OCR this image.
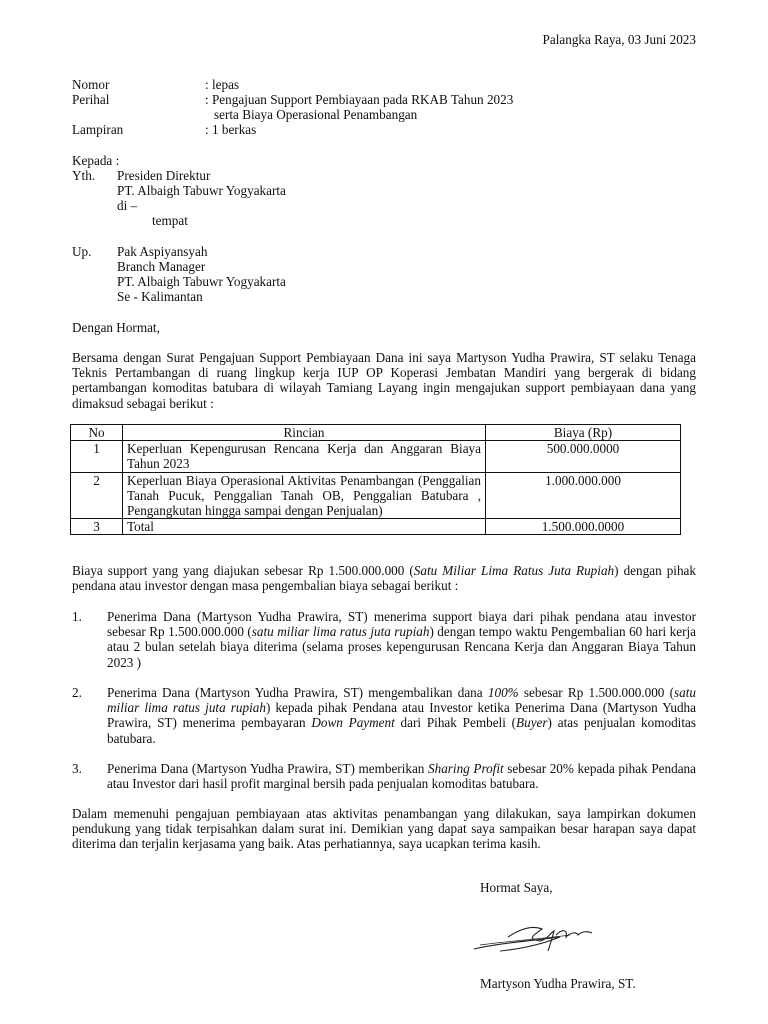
Palangka Raya, 03 Juni 2023
Nomor	: lepas
Perihal	: Pengajuan Support Pembiayaan pada RKAB Tahun 2023
serta Biaya Operasional Penambangan
Lampiran	: 1 berkas
Kepada :
Yth. Presiden Direktur
PT. Albaigh Tabuwr Yogyakarta
di –
tempat
Up. Pak Aspiyansyah
Branch Manager
PT. Albaigh Tabuwr Yogyakarta
Se - Kalimantan
Dengan Hormat,
Bersama dengan Surat Pengajuan Support Pembiayaan Dana ini saya Martyson Yudha Prawira, ST selaku Tenaga Teknis Pertambangan di ruang lingkup kerja IUP OP Koperasi Jembatan Mandiri yang bergerak di bidang pertambangan komoditas batubara di wilayah Tamiang Layang ingin mengajukan support pembiayaan dana yang dimaksud sebagai berikut :
No	Rincian	Biaya (Rp)
1	Keperluan Kepengurusan Rencana Kerja dan Anggaran Biaya Tahun 2023	500.000.0000
2	Keperluan Biaya Operasional Aktivitas Penambangan (Penggalian Tanah Pucuk, Penggalian Tanah OB, Penggalian Batubara , Pengangkutan hingga sampai dengan Penjualan)	1.000.000.000
3	Total	1.500.000.0000
Biaya support yang yang diajukan sebesar Rp 1.500.000.000 (Satu Miliar Lima Ratus Juta Rupiah) dengan pihak pendana atau investor dengan masa pengembalian biaya sebagai berikut :
1. Penerima Dana (Martyson Yudha Prawira, ST) menerima support biaya dari pihak pendana atau investor sebesar Rp 1.500.000.000 (satu miliar lima ratus juta rupiah) dengan tempo waktu Pengembalian 60 hari kerja atau 2 bulan setelah biaya diterima (selama proses kepengurusan Rencana Kerja dan Anggaran Biaya Tahun 2023 )
2. Penerima Dana (Martyson Yudha Prawira, ST) mengembalikan dana 100% sebesar Rp 1.500.000.000 (satu miliar lima ratus juta rupiah) kepada pihak Pendana atau Investor ketika Penerima Dana (Martyson Yudha Prawira, ST) menerima pembayaran Down Payment dari Pihak Pembeli (Buyer) atas penjualan komoditas batubara.
3. Penerima Dana (Martyson Yudha Prawira, ST) memberikan Sharing Profit sebesar 20% kepada pihak Pendana atau Investor dari hasil profit marginal bersih pada penjualan komoditas batubara.
Dalam memenuhi pengajuan pembiayaan atas aktivitas penambangan yang dilakukan, saya lampirkan dokumen pendukung yang tidak terpisahkan dalam surat ini. Demikian yang dapat saya sampaikan besar harapan saya dapat diterima dan terjalin kerjasama yang baik. Atas perhatiannya, saya ucapkan terima kasih.
Hormat Saya,
Martyson Yudha Prawira, ST.
